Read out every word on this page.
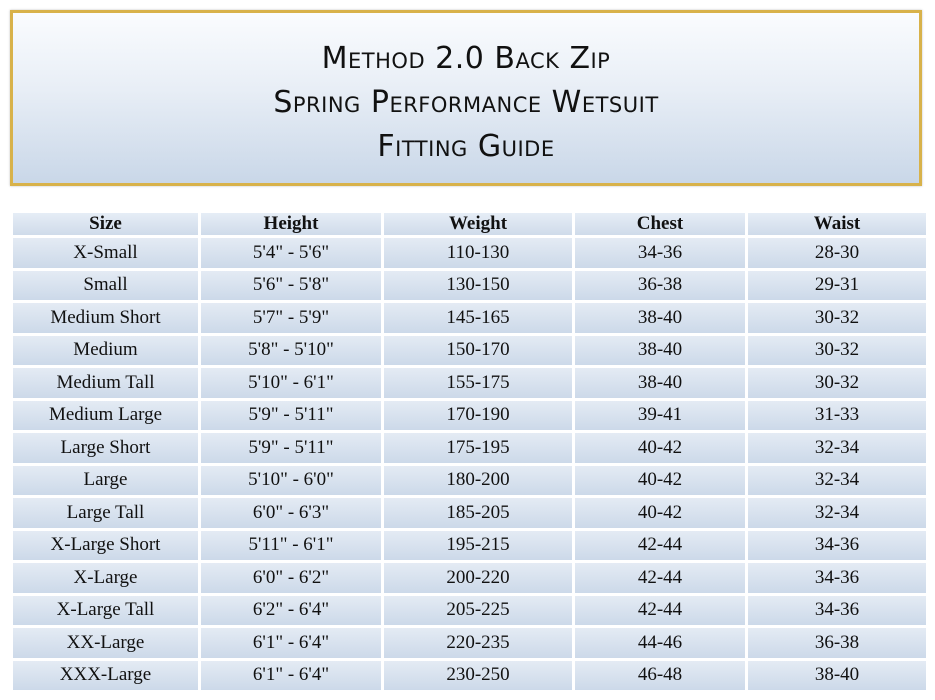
Method 2.0 Back Zip
Spring Performance Wetsuit
Fitting Guide
Size	Height	Weight	Chest	Waist
X-Small	5'4" - 5'6"	110-130	34-36	28-30
Small	5'6" - 5'8"	130-150	36-38	29-31
Medium Short	5'7" - 5'9"	145-165	38-40	30-32
Medium	5'8" - 5'10"	150-170	38-40	30-32
Medium Tall	5'10" - 6'1"	155-175	38-40	30-32
Medium Large	5'9" - 5'11"	170-190	39-41	31-33
Large Short	5'9" - 5'11"	175-195	40-42	32-34
Large	5'10" - 6'0"	180-200	40-42	32-34
Large Tall	6'0" - 6'3"	185-205	40-42	32-34
X-Large Short	5'11" - 6'1"	195-215	42-44	34-36
X-Large	6'0" - 6'2"	200-220	42-44	34-36
X-Large Tall	6'2" - 6'4"	205-225	42-44	34-36
XX-Large	6'1" - 6'4"	220-235	44-46	36-38
XXX-Large	6'1" - 6'4"	230-250	46-48	38-40
